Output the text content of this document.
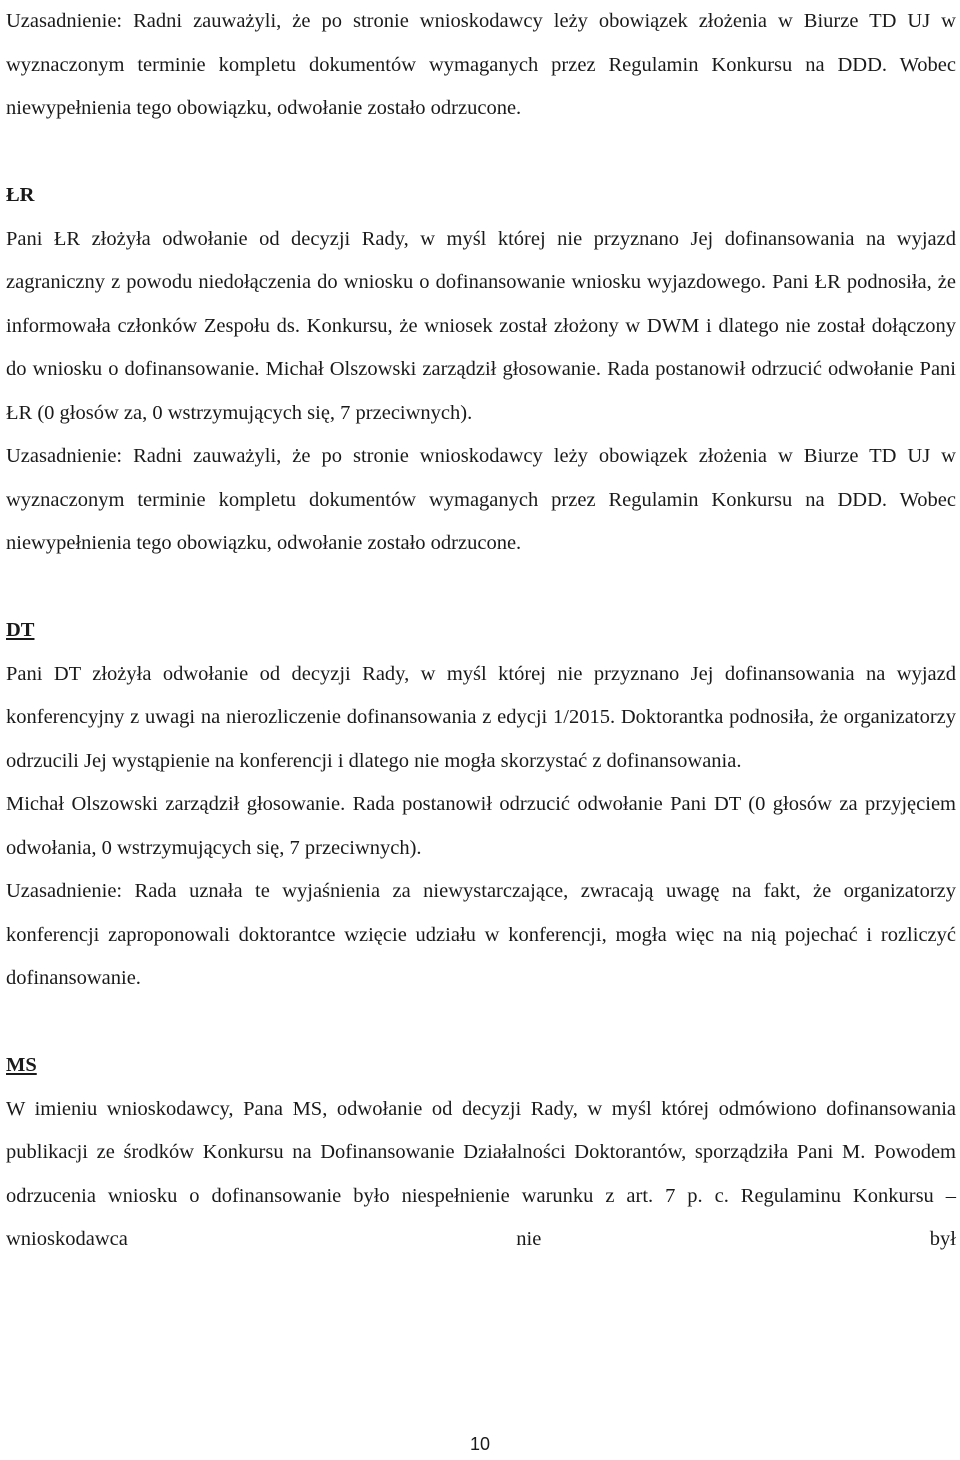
Uzasadnienie: Radni zauważyli, że po stronie wnioskodawcy leży obowiązek złożenia w Biurze TD UJ w wyznaczonym terminie kompletu dokumentów wymaganych przez Regulamin Konkursu na DDD. Wobec niewypełnienia tego obowiązku, odwołanie zostało odrzucone.

ŁR

Pani ŁR złożyła odwołanie od decyzji Rady, w myśl której nie przyznano Jej dofinansowania na wyjazd zagraniczny z powodu niedołączenia do wniosku o dofinansowanie wniosku wyjazdowego. Pani ŁR podnosiła, że informowała członków Zespołu ds. Konkursu, że wniosek został złożony w DWM i dlatego nie został dołączony do wniosku o dofinansowanie. Michał Olszowski zarządził głosowanie. Rada postanowił odrzucić odwołanie Pani ŁR (0 głosów za, 0 wstrzymujących się, 7 przeciwnych).

Uzasadnienie: Radni zauważyli, że po stronie wnioskodawcy leży obowiązek złożenia w Biurze TD UJ w wyznaczonym terminie kompletu dokumentów wymaganych przez Regulamin Konkursu na DDD. Wobec niewypełnienia tego obowiązku, odwołanie zostało odrzucone.

DT

Pani DT złożyła odwołanie od decyzji Rady, w myśl której nie przyznano Jej dofinansowania na wyjazd konferencyjny z uwagi na nierozliczenie dofinansowania z edycji 1/2015. Doktorantka podnosiła, że organizatorzy odrzucili Jej wystąpienie na konferencji i dlatego nie mogła skorzystać z dofinansowania.

Michał Olszowski zarządził głosowanie. Rada postanowił odrzucić odwołanie Pani DT (0 głosów za przyjęciem odwołania, 0 wstrzymujących się, 7 przeciwnych).

Uzasadnienie: Rada uznała te wyjaśnienia za niewystarczające, zwracają uwagę na fakt, że organizatorzy konferencji zaproponowali doktorantce wzięcie udziału w konferencji, mogła więc na nią pojechać i rozliczyć dofinansowanie.

MS

W imieniu wnioskodawcy, Pana MS, odwołanie od decyzji Rady, w myśl której odmówiono dofinansowania publikacji ze środków Konkursu na Dofinansowanie Działalności Doktorantów, sporządziła Pani M. Powodem odrzucenia wniosku o dofinansowanie było niespełnienie warunku z art. 7 p. c. Regulaminu Konkursu – wnioskodawca nie był

10
